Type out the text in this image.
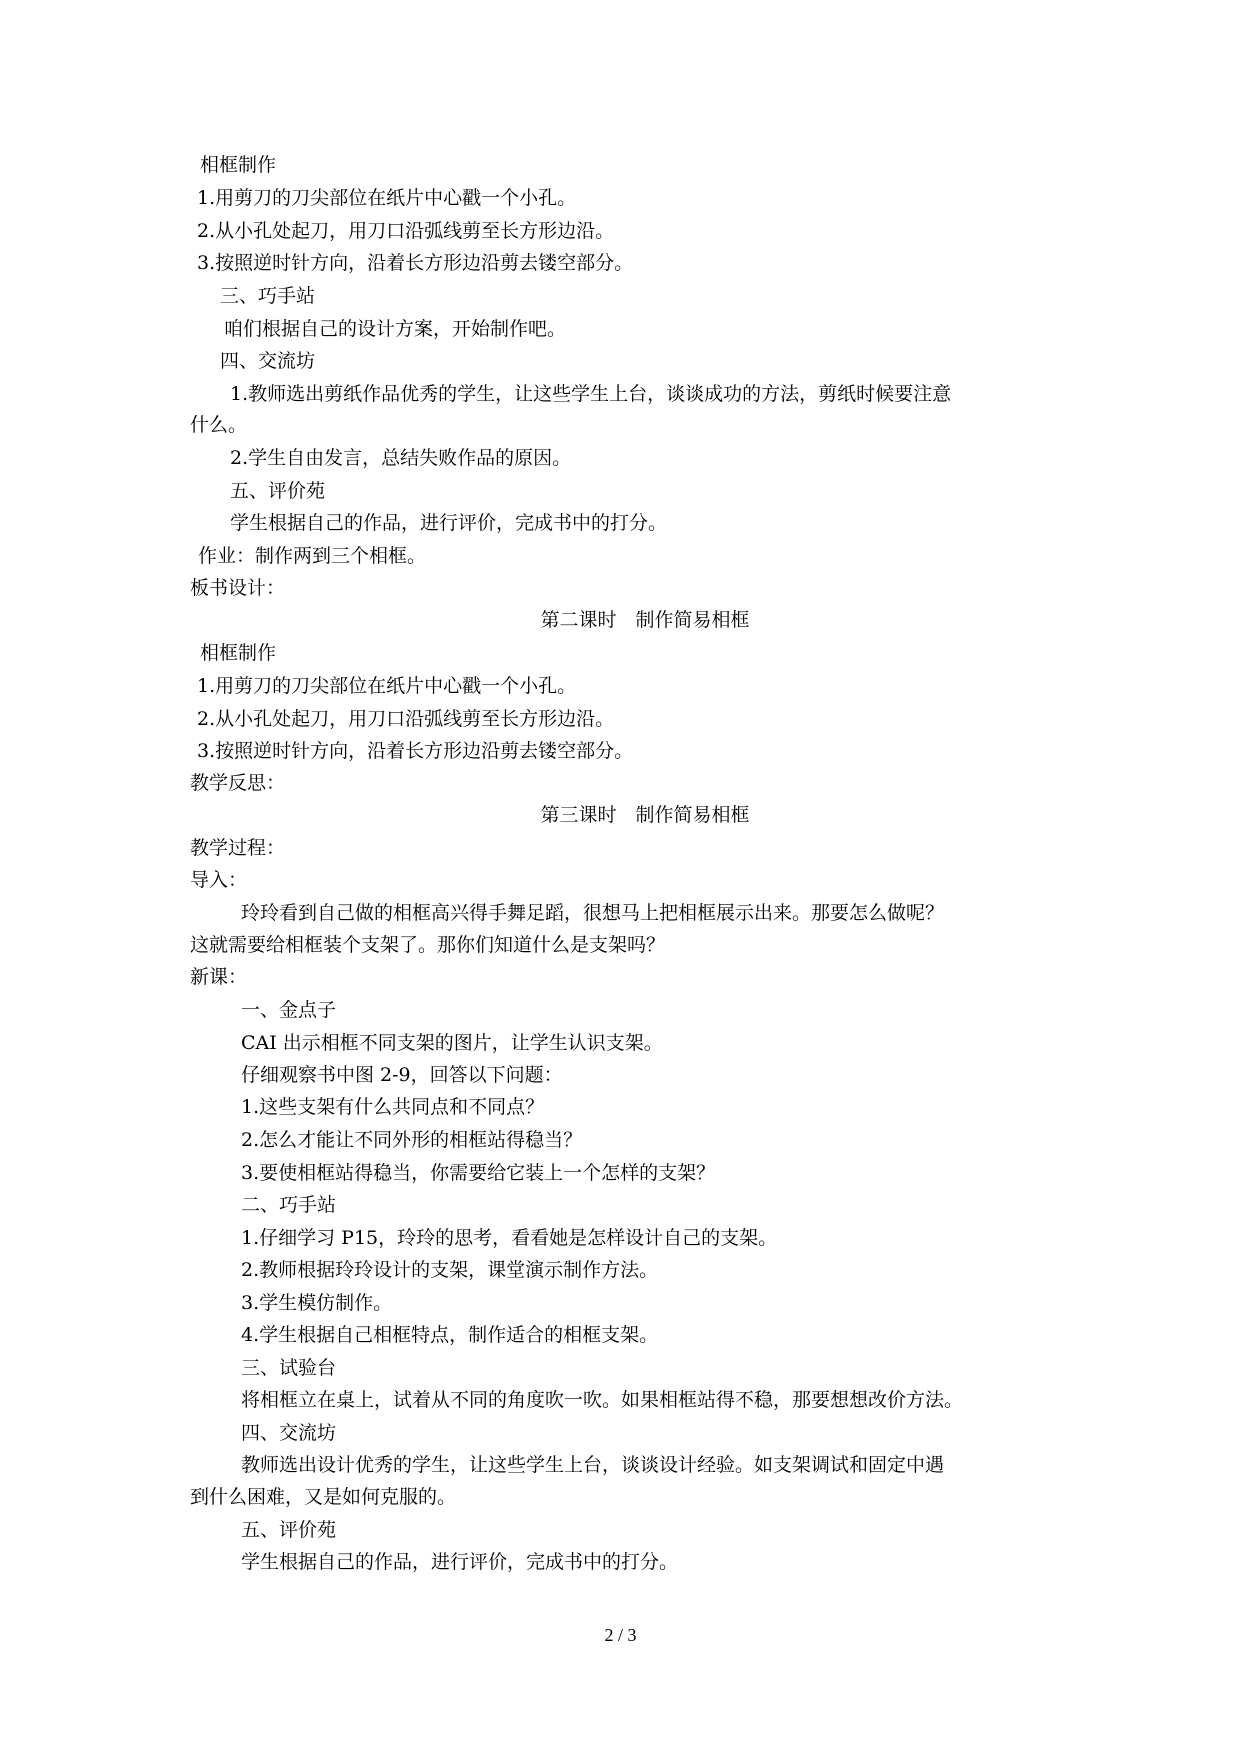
相框制作
1.用剪刀的刀尖部位在纸片中心戳一个小孔。
2.从小孔处起刀，用刀口沿弧线剪至长方形边沿。
3.按照逆时针方向，沿着长方形边沿剪去镂空部分。
三、巧手站
咱们根据自己的设计方案，开始制作吧。
四、交流坊
1.教师选出剪纸作品优秀的学生，让这些学生上台，谈谈成功的方法，剪纸时候要注意
什么。
2.学生自由发言，总结失败作品的原因。
五、评价苑
学生根据自己的作品，进行评价，完成书中的打分。
作业：制作两到三个相框。
板书设计：
第二课时　制作简易相框
相框制作
1.用剪刀的刀尖部位在纸片中心戳一个小孔。
2.从小孔处起刀，用刀口沿弧线剪至长方形边沿。
3.按照逆时针方向，沿着长方形边沿剪去镂空部分。
教学反思：
第三课时　制作简易相框
教学过程：
导入：
玲玲看到自己做的相框高兴得手舞足蹈，很想马上把相框展示出来。那要怎么做呢？
这就需要给相框装个支架了。那你们知道什么是支架吗？
新课：
一、金点子
CAI 出示相框不同支架的图片，让学生认识支架。
仔细观察书中图 2-9，回答以下问题：
1.这些支架有什么共同点和不同点？
2.怎么才能让不同外形的相框站得稳当？
3.要使相框站得稳当，你需要给它装上一个怎样的支架？
二、巧手站
1.仔细学习 P15，玲玲的思考，看看她是怎样设计自己的支架。
2.教师根据玲玲设计的支架，课堂演示制作方法。
3.学生模仿制作。
4.学生根据自己相框特点，制作适合的相框支架。
三、试验台
将相框立在桌上，试着从不同的角度吹一吹。如果相框站得不稳，那要想想改价方法。
四、交流坊
教师选出设计优秀的学生，让这些学生上台，谈谈设计经验。如支架调试和固定中遇
到什么困难，又是如何克服的。
五、评价苑
学生根据自己的作品，进行评价，完成书中的打分。
2 / 3
